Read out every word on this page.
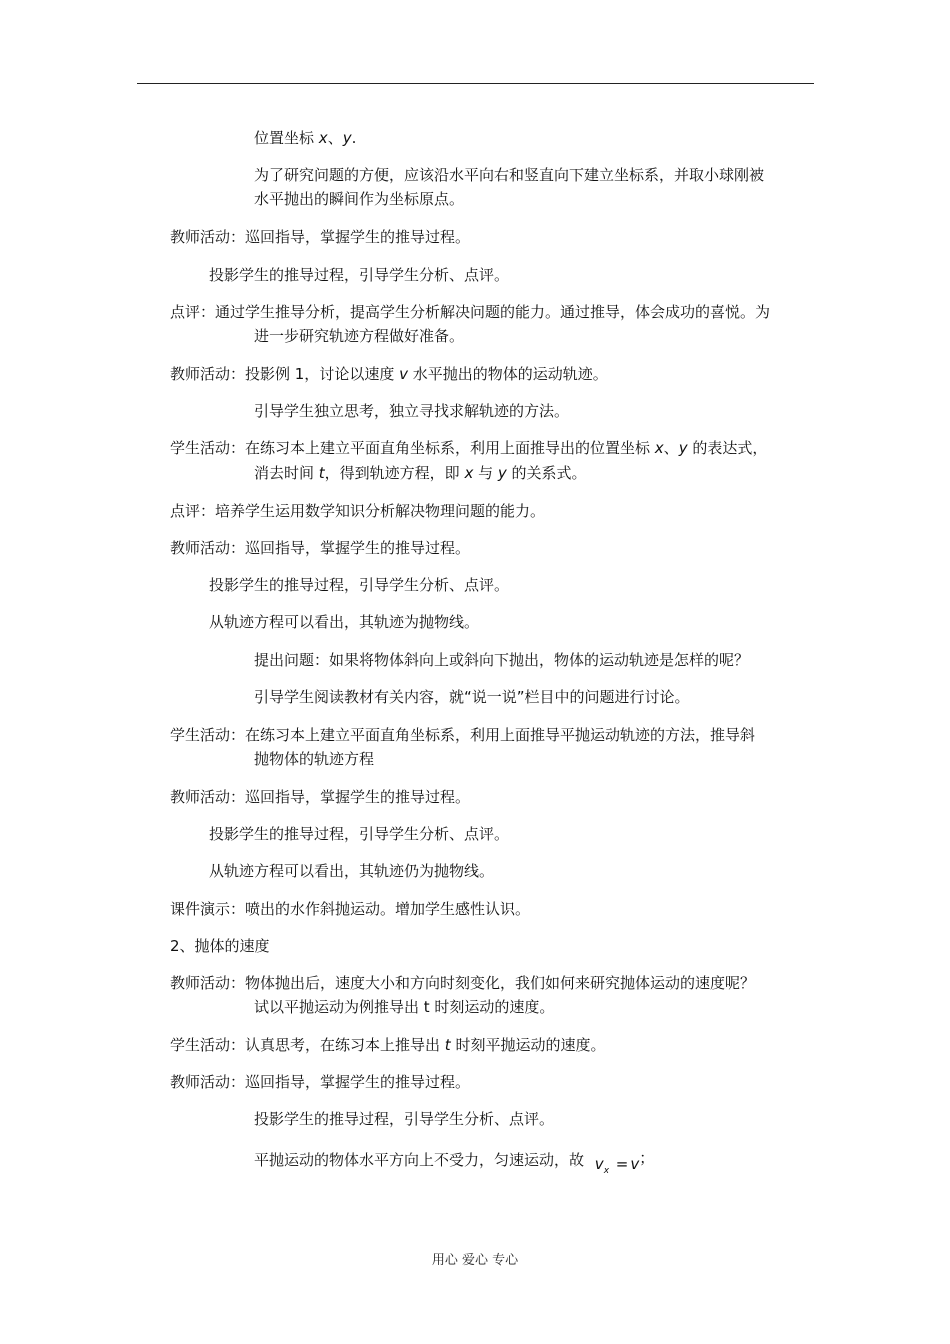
位置坐标 x、y.
为了研究问题的方便，应该沿水平向右和竖直向下建立坐标系，并取小球刚被
水平抛出的瞬间作为坐标原点。
教师活动：巡回指导，掌握学生的推导过程。
投影学生的推导过程，引导学生分析、点评。
点评：通过学生推导分析，提高学生分析解决问题的能力。通过推导，体会成功的喜悦。为
进一步研究轨迹方程做好准备。
教师活动：投影例 1，讨论以速度 v 水平抛出的物体的运动轨迹。
引导学生独立思考，独立寻找求解轨迹的方法。
学生活动：在练习本上建立平面直角坐标系，利用上面推导出的位置坐标 x、y 的表达式，
消去时间 t，得到轨迹方程，即 x 与 y 的关系式。
点评：培养学生运用数学知识分析解决物理问题的能力。
教师活动：巡回指导，掌握学生的推导过程。
投影学生的推导过程，引导学生分析、点评。
从轨迹方程可以看出，其轨迹为抛物线。
提出问题：如果将物体斜向上或斜向下抛出，物体的运动轨迹是怎样的呢？
引导学生阅读教材有关内容，就“说一说”栏目中的问题进行讨论。
学生活动：在练习本上建立平面直角坐标系，利用上面推导平抛运动轨迹的方法，推导斜
抛物体的轨迹方程
教师活动：巡回指导，掌握学生的推导过程。
投影学生的推导过程，引导学生分析、点评。
从轨迹方程可以看出，其轨迹仍为抛物线。
课件演示：喷出的水作斜抛运动。增加学生感性认识。
2、抛体的速度
教师活动：物体抛出后，速度大小和方向时刻变化，我们如何来研究抛体运动的速度呢？
试以平抛运动为例推导出 t 时刻运动的速度。
学生活动：认真思考，在练习本上推导出 t 时刻平抛运动的速度。
教师活动：巡回指导，掌握学生的推导过程。
投影学生的推导过程，引导学生分析、点评。
平抛运动的物体水平方向上不受力，匀速运动，故 $v_x = v$；
用心 爱心 专心
